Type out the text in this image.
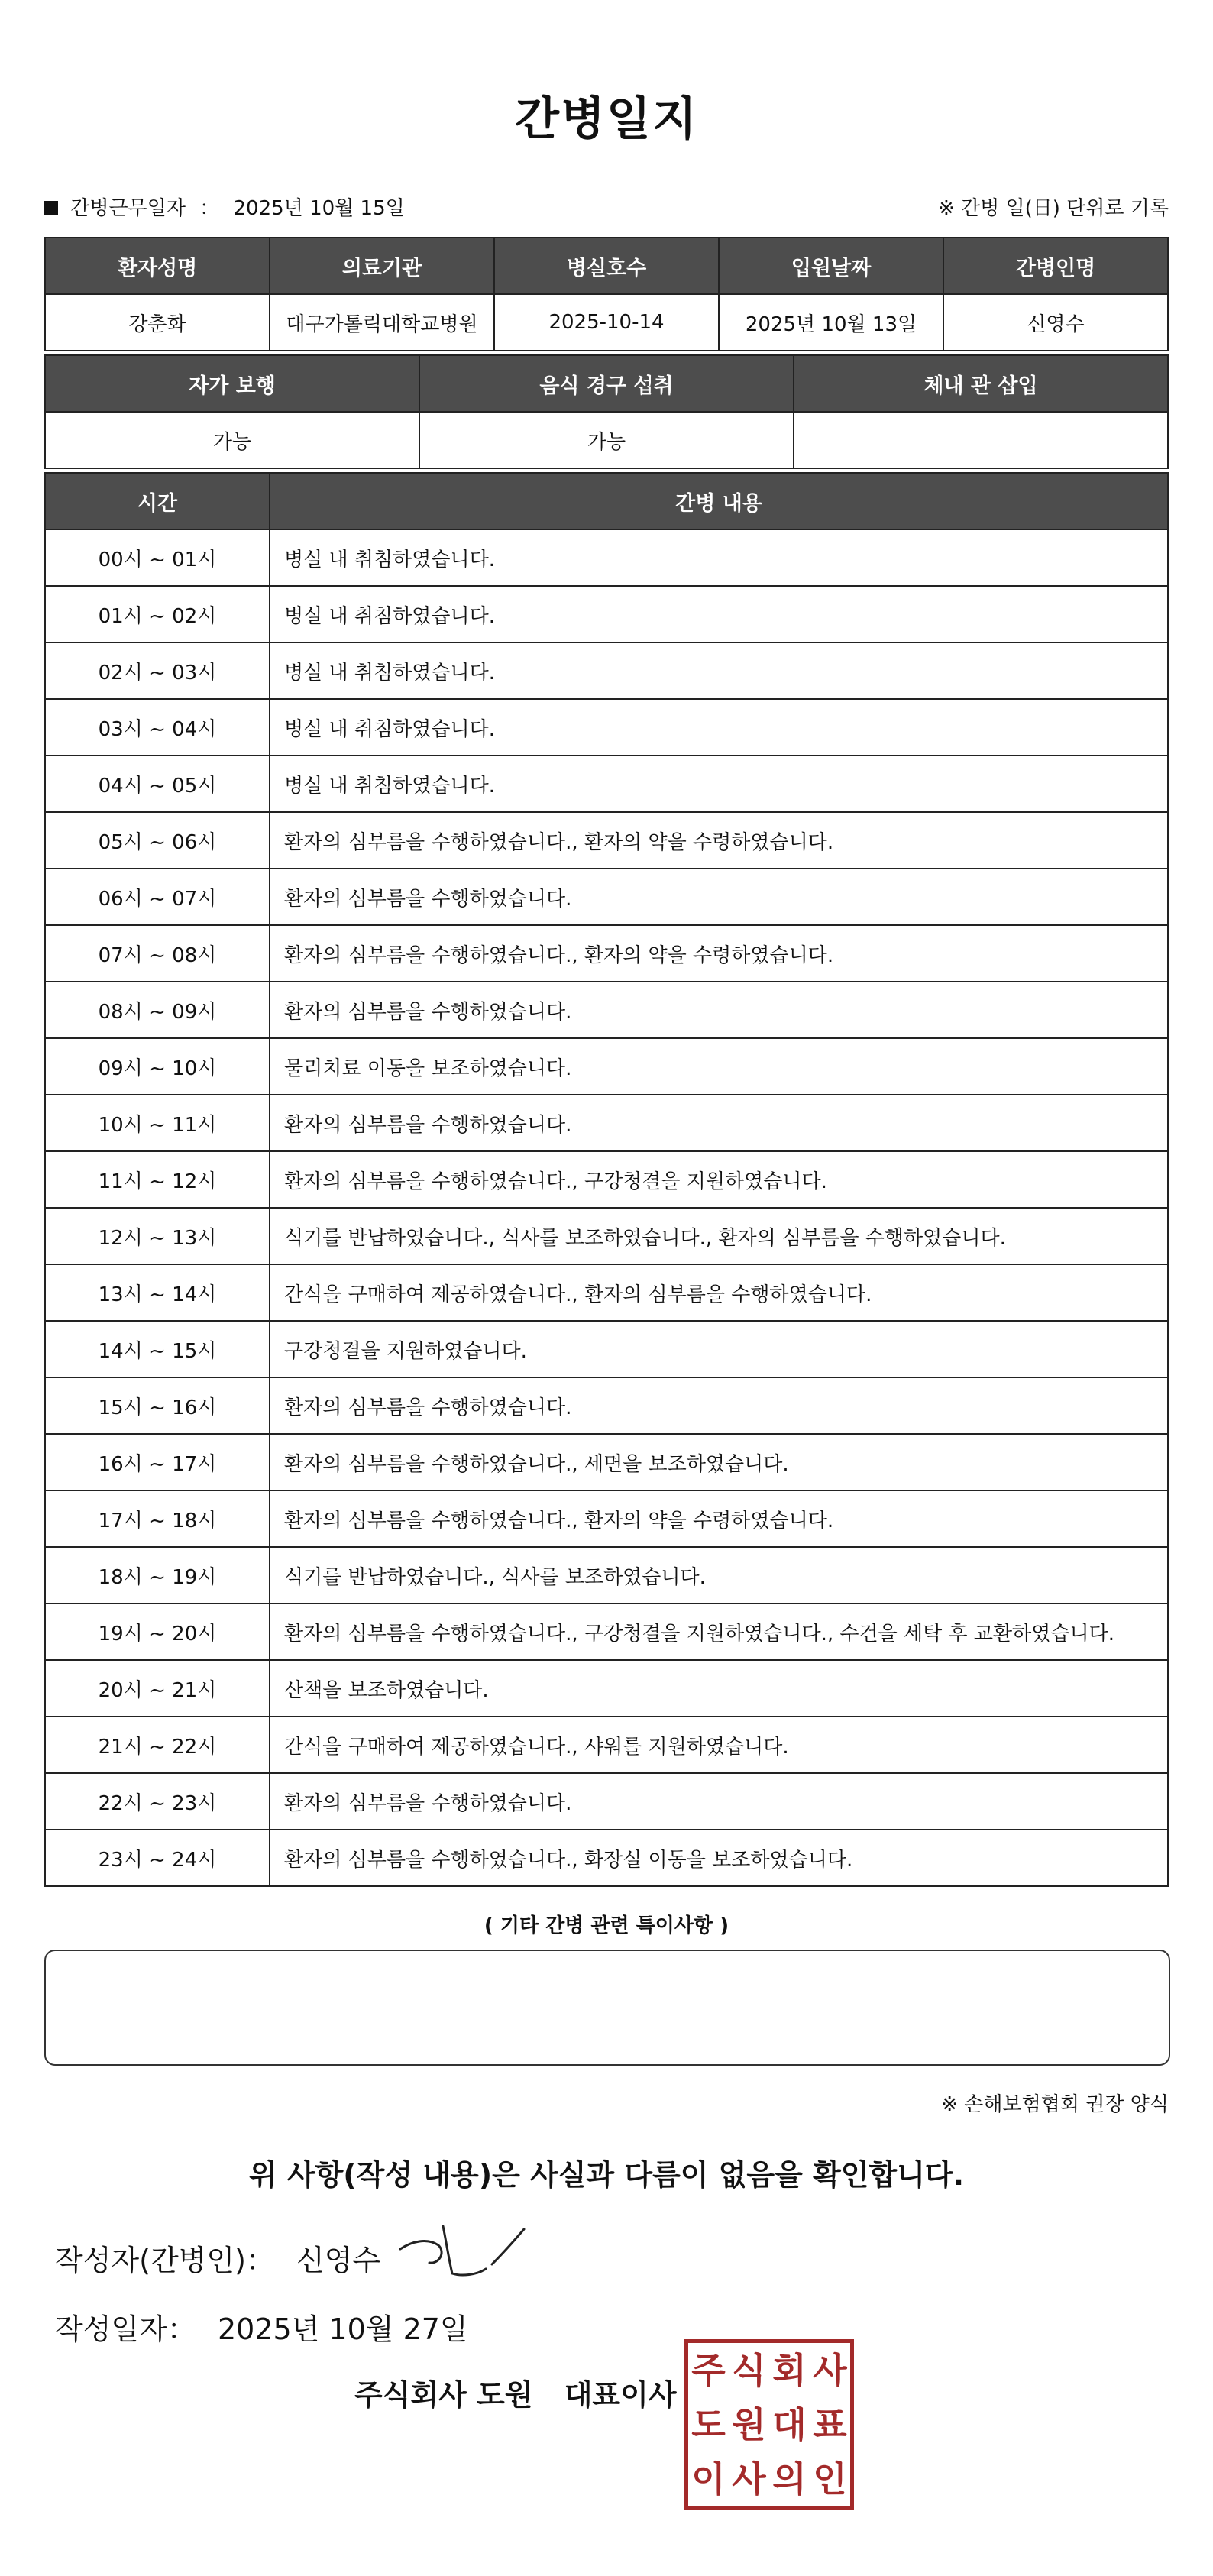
간병일지
간병근무일자 ： 2025년 10월 15일	※ 간병 일(日) 단위로 기록
환자성명	의료기관	병실호수	입원날짜	간병인명
강춘화	대구가톨릭대학교병원	2025-10-14	2025년 10월 13일	신영수
자가 보행	음식 경구 섭취	체내 관 삽입
가능	가능	
시간	간병 내용
00시 ~ 01시	병실 내 취침하였습니다.
01시 ~ 02시	병실 내 취침하였습니다.
02시 ~ 03시	병실 내 취침하였습니다.
03시 ~ 04시	병실 내 취침하였습니다.
04시 ~ 05시	병실 내 취침하였습니다.
05시 ~ 06시	환자의 심부름을 수행하였습니다., 환자의 약을 수령하였습니다.
06시 ~ 07시	환자의 심부름을 수행하였습니다.
07시 ~ 08시	환자의 심부름을 수행하였습니다., 환자의 약을 수령하였습니다.
08시 ~ 09시	환자의 심부름을 수행하였습니다.
09시 ~ 10시	물리치료 이동을 보조하였습니다.
10시 ~ 11시	환자의 심부름을 수행하였습니다.
11시 ~ 12시	환자의 심부름을 수행하였습니다., 구강청결을 지원하였습니다.
12시 ~ 13시	식기를 반납하였습니다., 식사를 보조하였습니다., 환자의 심부름을 수행하였습니다.
13시 ~ 14시	간식을 구매하여 제공하였습니다., 환자의 심부름을 수행하였습니다.
14시 ~ 15시	구강청결을 지원하였습니다.
15시 ~ 16시	환자의 심부름을 수행하였습니다.
16시 ~ 17시	환자의 심부름을 수행하였습니다., 세면을 보조하였습니다.
17시 ~ 18시	환자의 심부름을 수행하였습니다., 환자의 약을 수령하였습니다.
18시 ~ 19시	식기를 반납하였습니다., 식사를 보조하였습니다.
19시 ~ 20시	환자의 심부름을 수행하였습니다., 구강청결을 지원하였습니다., 수건을 세탁 후 교환하였습니다.
20시 ~ 21시	산책을 보조하였습니다.
21시 ~ 22시	간식을 구매하여 제공하였습니다., 샤워를 지원하였습니다.
22시 ~ 23시	환자의 심부름을 수행하였습니다.
23시 ~ 24시	환자의 심부름을 수행하였습니다., 화장실 이동을 보조하였습니다.
( 기타 간병 관련 특이사항 )
※ 손해보험협회 권장 양식
위 사항(작성 내용)은 사실과 다름이 없음을 확인합니다.
작성자(간병인)： 신영수
작성일자： 2025년 10월 27일
주식회사 도원 대표이사
주 식 회 사
도 원 대 표
이 사 의 인
